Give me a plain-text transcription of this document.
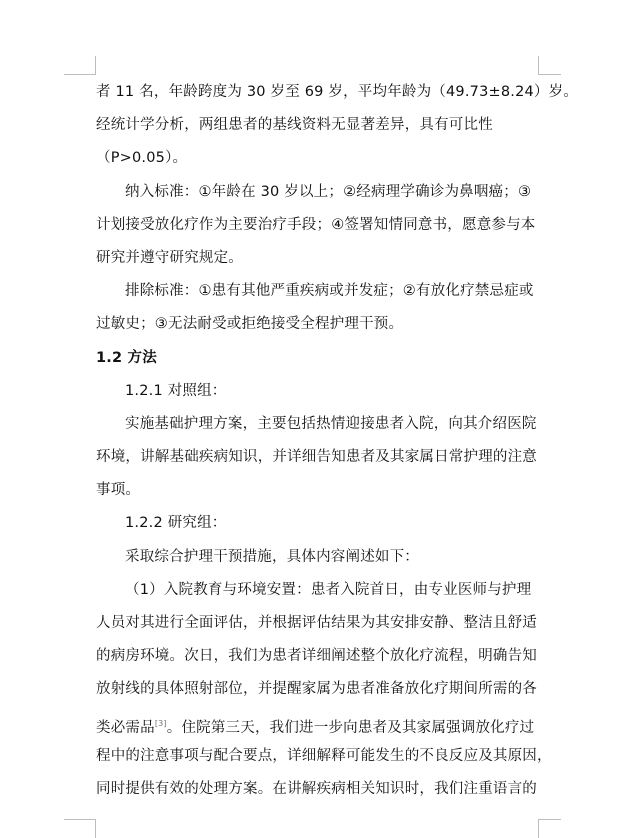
者 11 名，年龄跨度为 30 岁至 69 岁，平均年龄为（49.73±8.24）岁。
经统计学分析，两组患者的基线资料无显著差异，具有可比性
（P>0.05）。
纳入标准：①年龄在 30 岁以上；②经病理学确诊为鼻咽癌；③
计划接受放化疗作为主要治疗手段；④签署知情同意书，愿意参与本
研究并遵守研究规定。
排除标准：①患有其他严重疾病或并发症；②有放化疗禁忌症或
过敏史；③无法耐受或拒绝接受全程护理干预。
1.2 方法
1.2.1 对照组：
实施基础护理方案，主要包括热情迎接患者入院，向其介绍医院
环境，讲解基础疾病知识，并详细告知患者及其家属日常护理的注意
事项。
1.2.2 研究组：
采取综合护理干预措施，具体内容阐述如下：
（1）入院教育与环境安置：患者入院首日，由专业医师与护理
人员对其进行全面评估，并根据评估结果为其安排安静、整洁且舒适
的病房环境。次日，我们为患者详细阐述整个放化疗流程，明确告知
放射线的具体照射部位，并提醒家属为患者准备放化疗期间所需的各
类必需品[3]。住院第三天，我们进一步向患者及其家属强调放化疗过
程中的注意事项与配合要点，详细解释可能发生的不良反应及其原因，
同时提供有效的处理方案。在讲解疾病相关知识时，我们注重语言的
